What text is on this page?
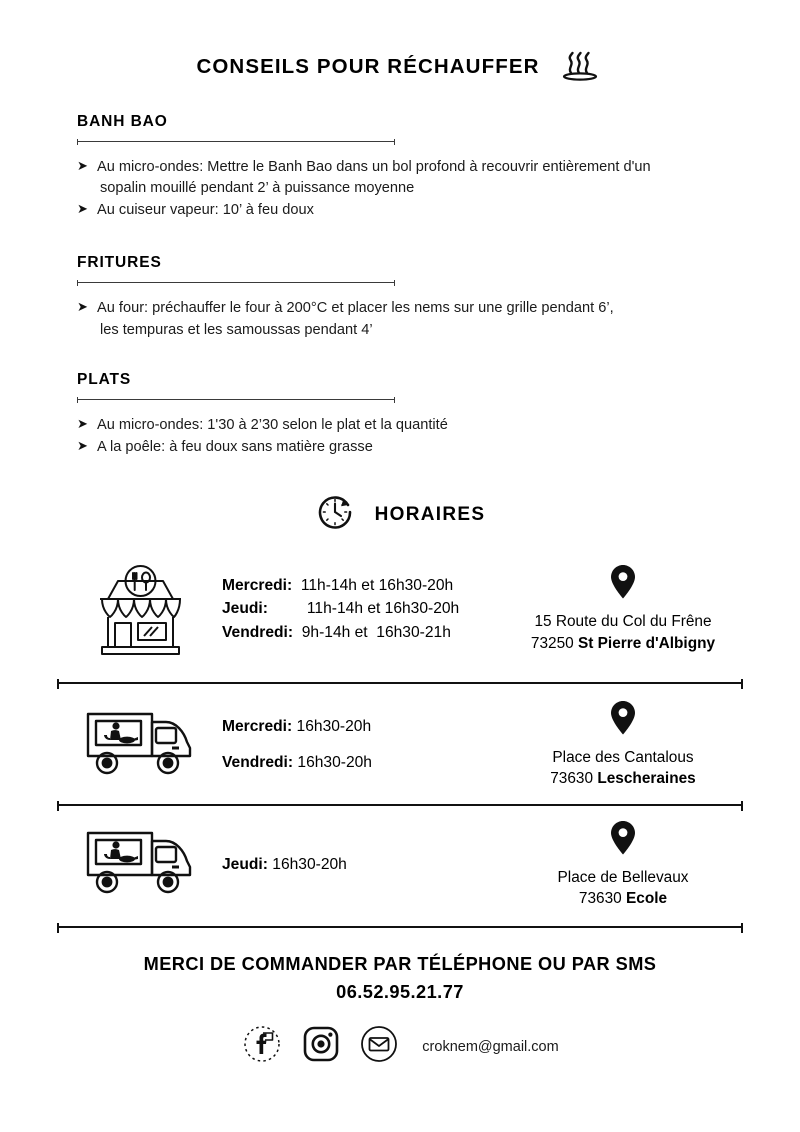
CONSEILS POUR RÉCHAUFFER
BANH BAO
➤ Au micro-ondes: Mettre le Banh Bao dans un bol profond à recouvrir entièrement d'un
sopalin mouillé pendant 2’ à puissance moyenne
➤ Au cuiseur vapeur: 10’ à feu doux
FRITURES
➤ Au four: préchauffer le four à 200°C et placer les nems sur une grille pendant 6’,
les tempuras et les samoussas pendant 4’
PLATS
➤ Au micro-ondes: 1'30 à 2’30 selon le plat et la quantité
➤ A la poêle: à feu doux sans matière grasse
HORAIRES
Mercredi: 11h-14h et 16h30-20h
Jeudi:	11h-14h et 16h30-20h
Vendredi: 9h-14h et  16h30-21h
15 Route du Col du Frêne
73250 St Pierre d'Albigny
Mercredi: 16h30-20h
Vendredi: 16h30-20h	Place des Cantalous
73630 Lescheraines
Jeudi: 16h30-20h
Place de Bellevaux
73630 Ecole
MERCI DE COMMANDER PAR TÉLÉPHONE OU PAR SMS
06.52.95.21.77
croknem@gmail.com
